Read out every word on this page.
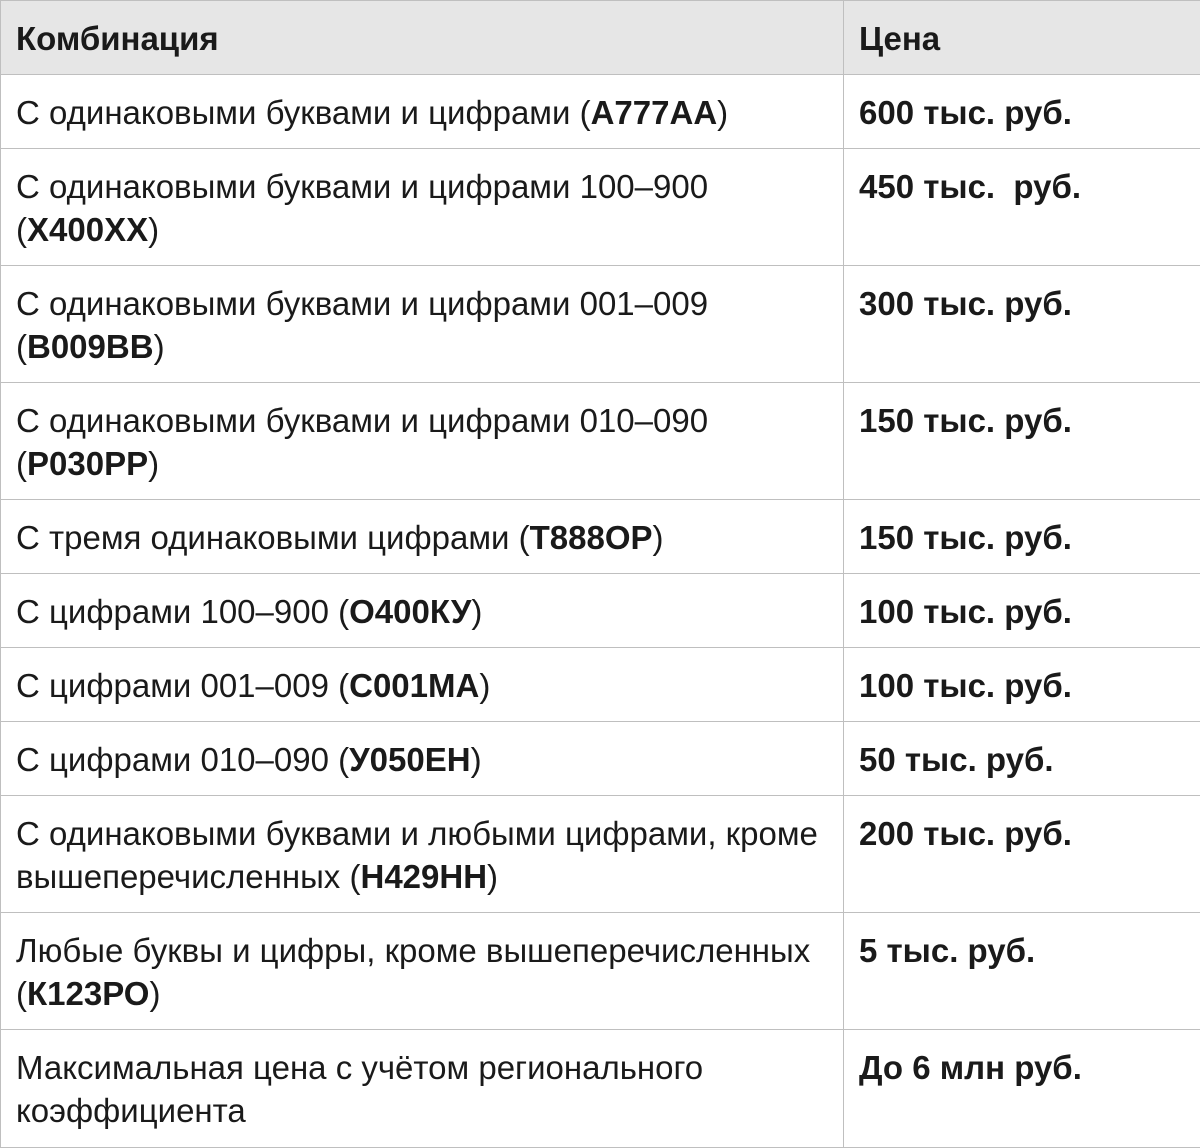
Комбинация	Цена
С одинаковыми буквами и цифрами (А777АА)	600 тыс. руб.
С одинаковыми буквами и цифрами 100–900 (Х400ХХ)	450 тыс.  руб.
С одинаковыми буквами и цифрами 001–009 (В009ВВ)	300 тыс. руб.
С одинаковыми буквами и цифрами 010–090 (Р030РР)	150 тыс. руб.
С тремя одинаковыми цифрами (Т888ОР)	150 тыс. руб.
С цифрами 100–900 (О400КУ)	100 тыс. руб.
С цифрами 001–009 (С001МА)	100 тыс. руб.
С цифрами 010–090 (У050ЕН)	50 тыс. руб.
С одинаковыми буквами и любыми цифрами, кроме вышеперечисленных (Н429НН)	200 тыс. руб.
Любые буквы и цифры, кроме вышеперечисленных (К123РО)	5 тыс. руб.
Максимальная цена с учётом регионального коэффициента	До 6 млн руб.
